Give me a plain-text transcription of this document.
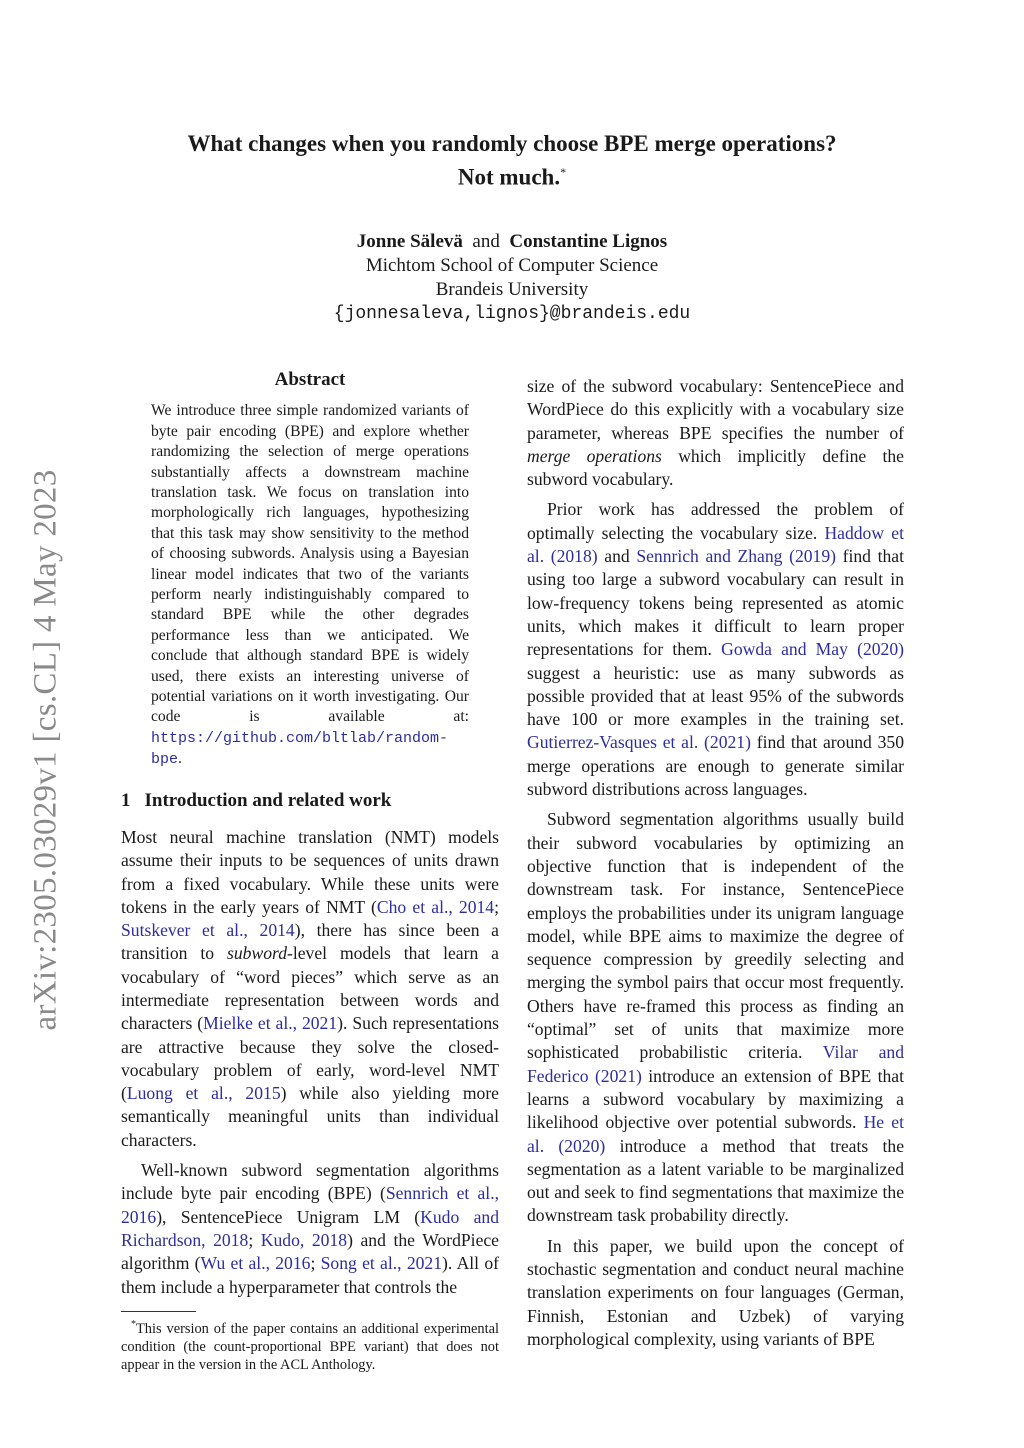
arXiv:2305.03029v1 [cs.CL] 4 May 2023
What changes when you randomly choose BPE merge operations?
Not much.*
Jonne Sälevä and Constantine Lignos
Michtom School of Computer Science
Brandeis University
{jonnesaleva,lignos}@brandeis.edu
Abstract
We introduce three simple randomized variants of byte pair encoding (BPE) and explore whether randomizing the selection of merge operations substantially affects a downstream machine translation task. We focus on translation into morphologically rich languages, hypothesizing that this task may show sensitivity to the method of choosing subwords. Analysis using a Bayesian linear model indicates that two of the variants perform nearly indistinguishably compared to standard BPE while the other degrades performance less than we anticipated. We conclude that although standard BPE is widely used, there exists an interesting universe of potential variations on it worth investigating. Our code is available at: https://github.com/bltlab/random-bpe.
1 Introduction and related work

Most neural machine translation (NMT) models assume their inputs to be sequences of units drawn from a fixed vocabulary. While these units were tokens in the early years of NMT (Cho et al., 2014; Sutskever et al., 2014), there has since been a transition to subword-level models that learn a vocabulary of “word pieces” which serve as an intermediate representation between words and characters (Mielke et al., 2021). Such representations are attractive because they solve the closed-vocabulary problem of early, word-level NMT (Luong et al., 2015) while also yielding more semantically meaningful units than individual characters.

Well-known subword segmentation algorithms include byte pair encoding (BPE) (Sennrich et al., 2016), SentencePiece Unigram LM (Kudo and Richardson, 2018; Kudo, 2018) and the WordPiece algorithm (Wu et al., 2016; Song et al., 2021). All of them include a hyperparameter that controls the

*This version of the paper contains an additional experimental condition (the count-proportional BPE variant) that does not appear in the version in the ACL Anthology.

size of the subword vocabulary: SentencePiece and WordPiece do this explicitly with a vocabulary size parameter, whereas BPE specifies the number of merge operations which implicitly define the subword vocabulary.

Prior work has addressed the problem of optimally selecting the vocabulary size. Haddow et al. (2018) and Sennrich and Zhang (2019) find that using too large a subword vocabulary can result in low-frequency tokens being represented as atomic units, which makes it difficult to learn proper representations for them. Gowda and May (2020) suggest a heuristic: use as many subwords as possible provided that at least 95% of the subwords have 100 or more examples in the training set. Gutierrez-Vasques et al. (2021) find that around 350 merge operations are enough to generate similar subword distributions across languages.

Subword segmentation algorithms usually build their subword vocabularies by optimizing an objective function that is independent of the downstream task. For instance, SentencePiece employs the probabilities under its unigram language model, while BPE aims to maximize the degree of sequence compression by greedily selecting and merging the symbol pairs that occur most frequently. Others have re-framed this process as finding an “optimal” set of units that maximize more sophisticated probabilistic criteria. Vilar and Federico (2021) introduce an extension of BPE that learns a subword vocabulary by maximizing a likelihood objective over potential subwords. He et al. (2020) introduce a method that treats the segmentation as a latent variable to be marginalized out and seek to find segmentations that maximize the downstream task probability directly.

In this paper, we build upon the concept of stochastic segmentation and conduct neural machine translation experiments on four languages (German, Finnish, Estonian and Uzbek) of varying morphological complexity, using variants of BPE
